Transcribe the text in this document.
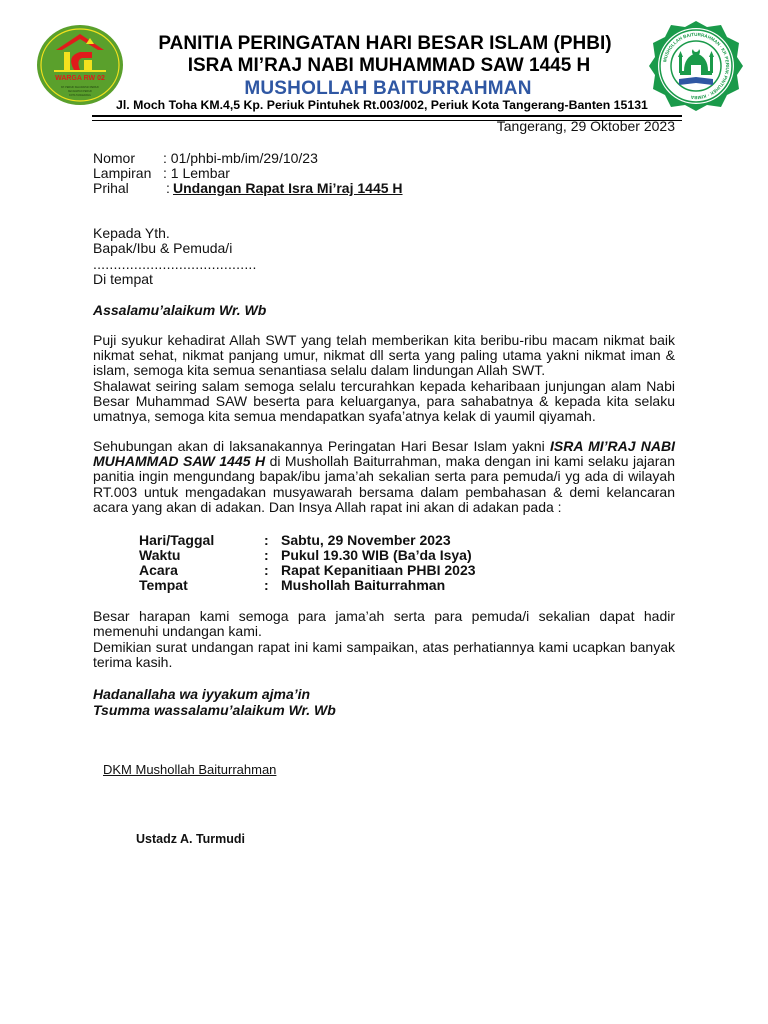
WARGA RW 02
KP. PERIUK KELURAHAN PERIUK
KECAMATAN PERIUK
KOTA TANGERANG
MUSHOLLAH BAITURRAHMAN · KP. PERIUK PINTUHEK · KIMBA
PANITIA PERINGATAN HARI BESAR ISLAM (PHBI)
ISRA MI’RAJ NABI MUHAMMAD SAW 1445 H
MUSHOLLAH BAITURRAHMAN
Jl. Moch Toha KM.4,5 Kp. Periuk Pintuhek Rt.003/002, Periuk Kota Tangerang-Banten 15131
Tangerang, 29 Oktober 2023
Nomor : 01/phbi-mb/im/29/10/23
Lampiran : 1 Lembar
Prihal	: Undangan Rapat Isra Mi’raj 1445 H
Kepada Yth.
Bapak/Ibu & Pemuda/i
........................................
Di tempat
Assalamu’alaikum Wr. Wb
Puji syukur kehadirat Allah SWT yang telah memberikan kita beribu-ribu macam nikmat baik nikmat sehat, nikmat panjang umur, nikmat dll serta yang paling utama yakni nikmat iman & islam, semoga kita semua senantiasa selalu dalam lindungan Allah SWT.
Shalawat seiring salam semoga selalu tercurahkan kepada keharibaan junjungan alam Nabi Besar Muhammad SAW beserta para keluarganya, para sahabatnya & kepada kita selaku umatnya, semoga kita semua mendapatkan syafa’atnya kelak di yaumil qiyamah.
Sehubungan akan di laksanakannya Peringatan Hari Besar Islam yakni ISRA MI’RAJ NABI MUHAMMAD SAW 1445 H di Mushollah Baiturrahman, maka dengan ini kami selaku jajaran panitia ingin mengundang bapak/ibu jama’ah sekalian serta para pemuda/i yg ada di wilayah RT.003 untuk mengadakan musyawarah bersama dalam pembahasan & demi kelancaran acara yang akan di adakan. Dan Insya Allah rapat ini akan di adakan pada :
Hari/Taggal	: Sabtu, 29 November 2023
Waktu	: Pukul 19.30 WIB (Ba’da Isya)
Acara	: Rapat Kepanitiaan PHBI 2023
Tempat	: Mushollah Baiturrahman
Besar harapan kami semoga para jama’ah serta para pemuda/i sekalian dapat hadir memenuhi undangan kami.
Demikian surat undangan rapat ini kami sampaikan, atas perhatiannya kami ucapkan banyak terima kasih.
Hadanallaha wa iyyakum ajma’in
Tsumma wassalamu’alaikum Wr. Wb
DKM Mushollah Baiturrahman
Ustadz A. Turmudi
